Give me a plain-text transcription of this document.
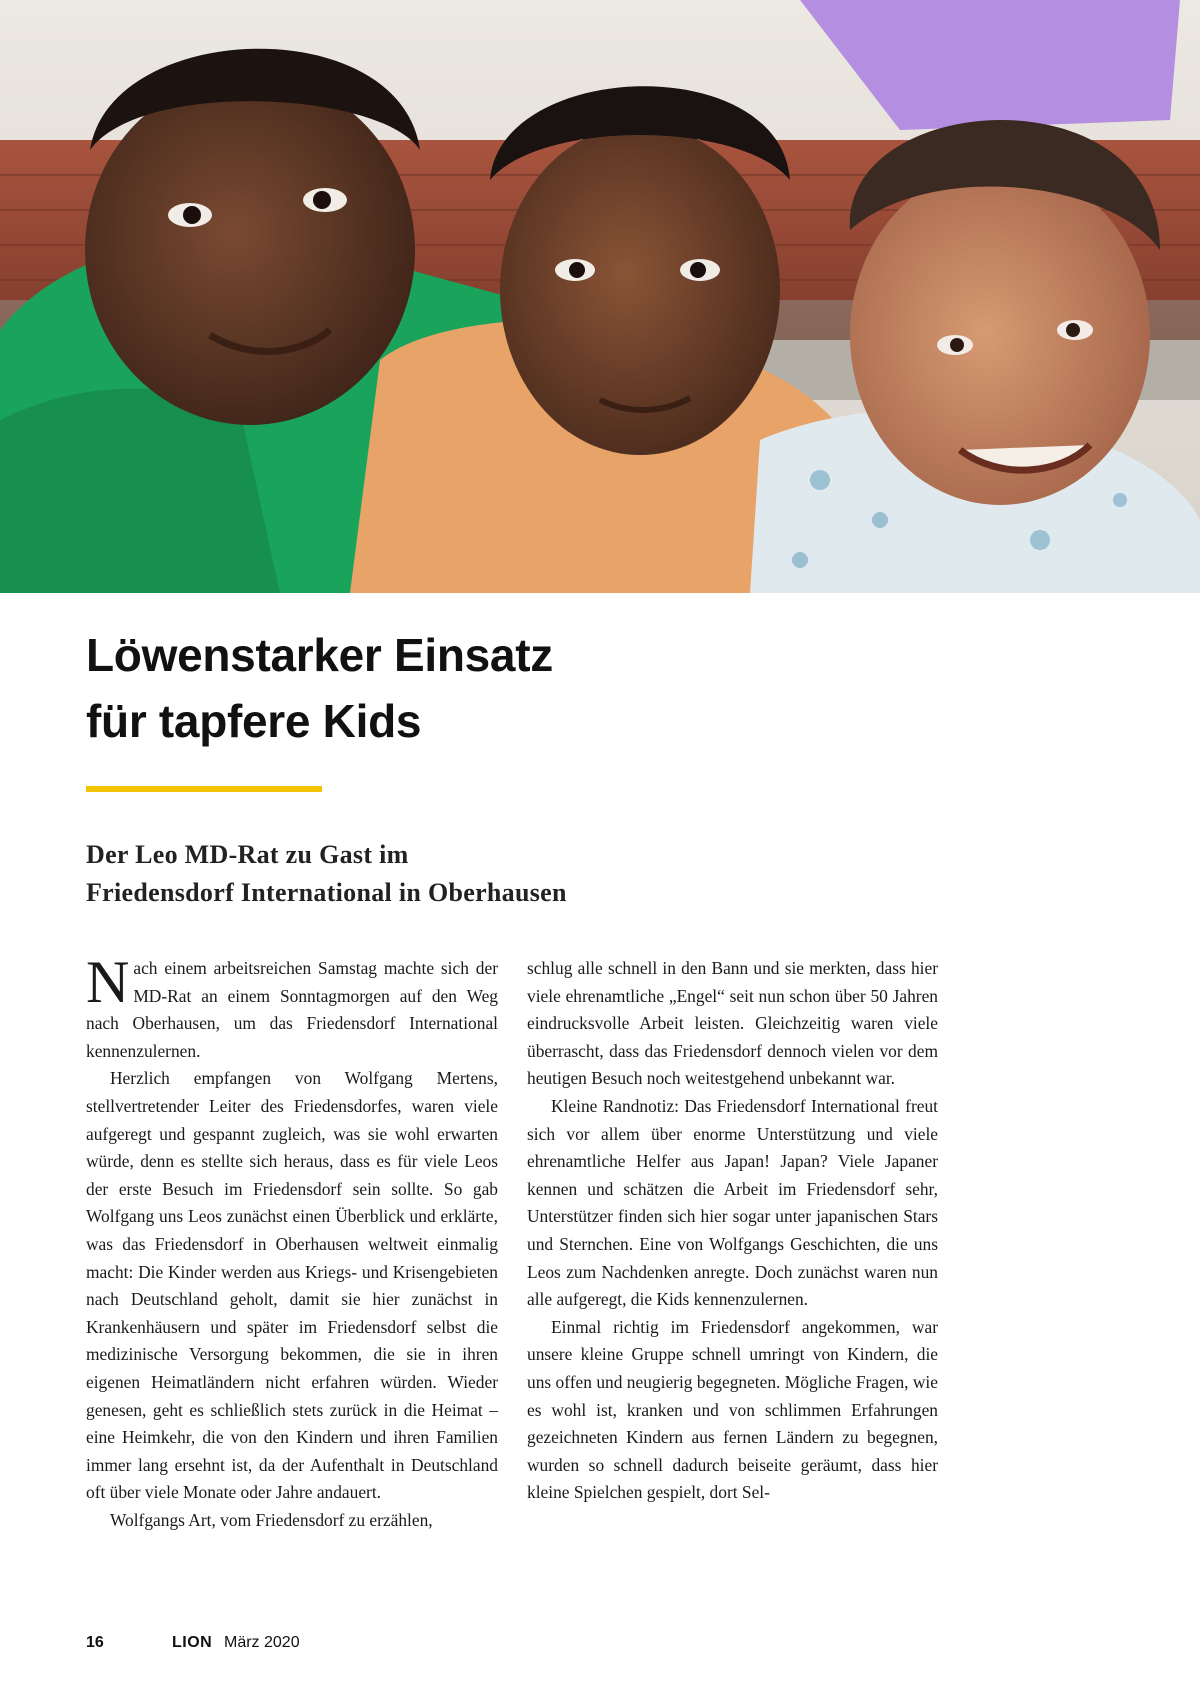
Löwenstarker Einsatz
für tapfere Kids
Der Leo MD-Rat zu Gast im
Friedensdorf International in Oberhausen

Nach einem arbeitsreichen Samstag machte sich der MD-Rat an einem Sonntagmorgen auf den Weg nach Oberhausen, um das Friedensdorf International kennenzulernen.

Herzlich empfangen von Wolfgang Mertens, stellvertretender Leiter des Friedensdorfes, waren viele aufgeregt und gespannt zugleich, was sie wohl erwarten würde, denn es stellte sich heraus, dass es für viele Leos der erste Besuch im Friedensdorf sein sollte. So gab Wolfgang uns Leos zunächst einen Überblick und erklärte, was das Friedensdorf in Oberhausen weltweit einmalig macht: Die Kinder werden aus Kriegs- und Krisengebieten nach Deutschland geholt, damit sie hier zunächst in Krankenhäusern und später im Friedensdorf selbst die medizinische Versorgung bekommen, die sie in ihren eigenen Heimatländern nicht erfahren würden. Wieder genesen, geht es schließlich stets zurück in die Heimat – eine Heimkehr, die von den Kindern und ihren Familien immer lang ersehnt ist, da der Aufenthalt in Deutschland oft über viele Monate oder Jahre andauert.

Wolfgangs Art, vom Friedensdorf zu erzählen,

schlug alle schnell in den Bann und sie merkten, dass hier viele ehrenamtliche „Engel“ seit nun schon über 50 Jahren eindrucksvolle Arbeit leisten. Gleichzeitig waren viele überrascht, dass das Friedensdorf dennoch vielen vor dem heutigen Besuch noch weitestgehend unbekannt war.

Kleine Randnotiz: Das Friedensdorf International freut sich vor allem über enorme Unterstützung und viele ehrenamtliche Helfer aus Japan! Japan? Viele Japaner kennen und schätzen die Arbeit im Friedensdorf sehr, Unterstützer finden sich hier sogar unter japanischen Stars und Sternchen. Eine von Wolfgangs Geschichten, die uns Leos zum Nachdenken anregte. Doch zunächst waren nun alle aufgeregt, die Kids kennenzulernen.

Einmal richtig im Friedensdorf angekommen, war unsere kleine Gruppe schnell umringt von Kindern, die uns offen und neugierig begegneten. Mögliche Fragen, wie es wohl ist, kranken und von schlimmen Erfahrungen gezeichneten Kindern aus fernen Ländern zu begegnen, wurden so schnell dadurch beiseite geräumt, dass hier kleine Spielchen gespielt, dort Sel-

16	LION März 2020
